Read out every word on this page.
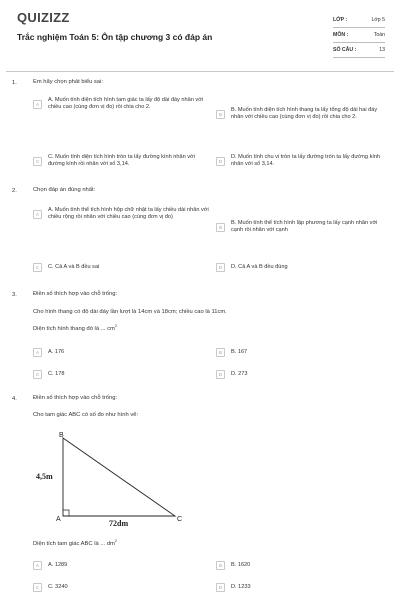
QUIZIZZ
Trắc nghiệm Toán 5: Ôn tập chương 3 có đáp án
LỚP :	Lớp 5
MÔN :	Toán
SỐ CÂU :	13
1.	Em hãy chọn phát biểu sai:
A
A. Muốn tính diện tích hình tam giác ta lấy độ dài đáy nhân với chiều cao (cùng đơn vị đo) rồi chia cho 2.
B
B. Muốn tính diện tích hình thang ta lấy tổng độ dài hai đáy nhân với chiều cao (cùng đơn vị đo) rồi chia cho 2.
C
C. Muốn tính diện tích hình tròn ta lấy đường kính nhân với đường kính rồi nhân với số 3,14.	D
D. Muốn tính chu vi tròn ta lấy đường tròn ta lấy đường kính nhân với số 3,14.
2.	Chọn đáp án đúng nhất:
A
A. Muốn tính thể tích hình hộp chữ nhật ta lấy chiều dài nhân với chiều rộng rồi nhân với chiều cao (cùng đơn vị đo)
B
B. Muốn tính thể tích hình lập phương ta lấy cạnh nhân với cạnh rồi nhân với cạnh
C	C. Cả A và B đều sai	D	D. Cả A và B đều đúng
3.	Điền số thích hợp vào chỗ trống:
Cho hình thang có độ dài đáy lần lượt là 14cm và 18cm; chiều cao là 11cm.
Diện tích hình thang đó là ... $cm^2$
A	A. 176	B	B. 167
C	C. 178	D	D. 273
4.	Điền số thích hợp vào chỗ trống:
Cho tam giác ABC có số đo như hình vẽ:
B
A	C
4,5m
72dm
Diện tích tam giác ABC là ... $dm^2$
A	A. 1289	B	B. 1620
C	C. 3240	D	D. 1233
